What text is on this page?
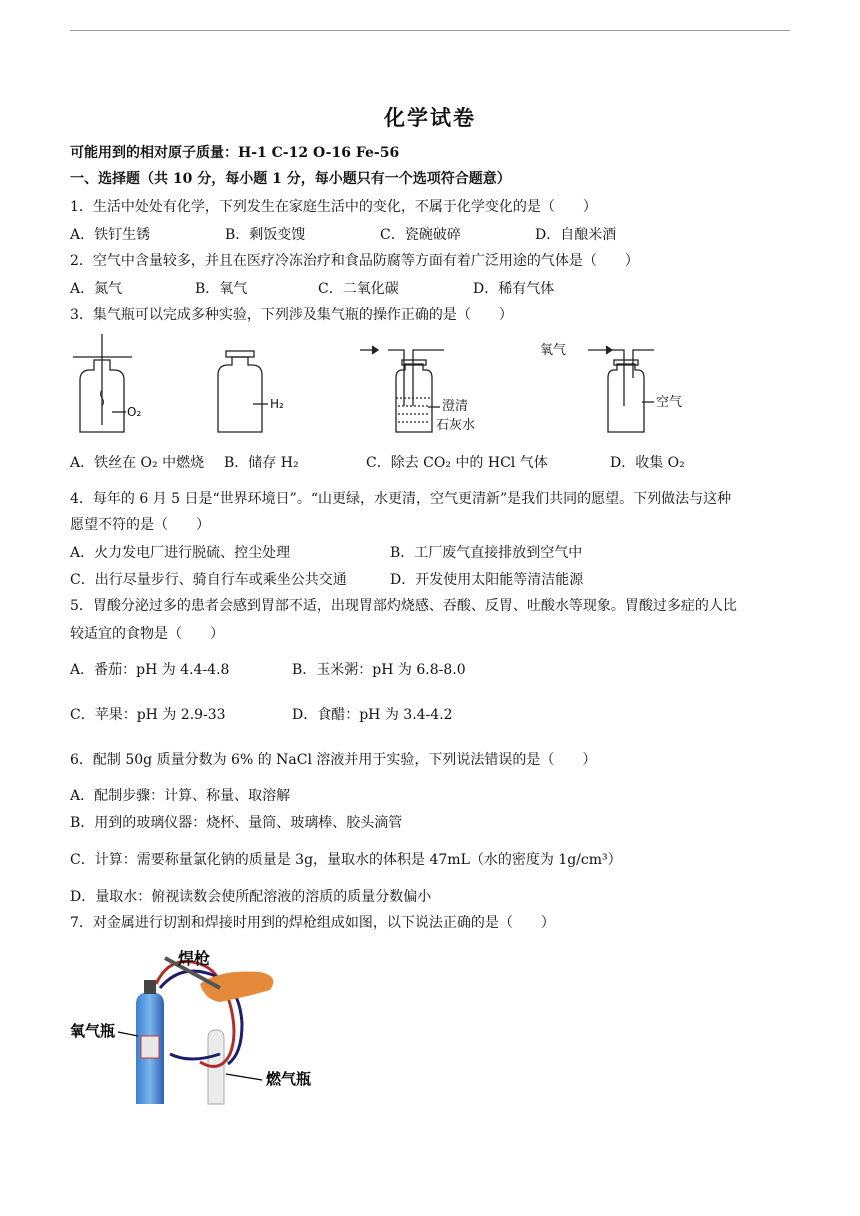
化学试卷
可能用到的相对原子质量：H-1 C-12 O-16 Fe-56
一、选择题（共 10 分，每小题 1 分，每小题只有一个选项符合题意）
1．生活中处处有化学，下列发生在家庭生活中的变化，不属于化学变化的是（　　）
A．铁钉生锈	B．剩饭变馊	C．瓷碗破碎	D．自酿米酒
2．空气中含量较多，并且在医疗冷冻治疗和食品防腐等方面有着广泛用途的气体是（　　）
A．氮气	B．氧气	C．二氧化碳	D．稀有气体
3．集气瓶可以完成多种实验，下列涉及集气瓶的操作正确的是（　　）
O₂
H₂	澄清
石灰水
氧气
空气
A．铁丝在 O₂ 中燃烧 B．储存 H₂	C．除去 CO₂ 中的 HCl 气体	D．收集 O₂
4．每年的 6 月 5 日是“世界环境日”。“山更绿，水更清，空气更清新”是我们共同的愿望。下列做法与这种
愿望不符的是（　　）
A．火力发电厂进行脱硫、控尘处理	B．工厂废气直接排放到空气中
C．出行尽量步行、骑自行车或乘坐公共交通	D．开发使用太阳能等清洁能源
5．胃酸分泌过多的患者会感到胃部不适，出现胃部灼烧感、吞酸、反胃、吐酸水等现象。胃酸过多症的人比
较适宜的食物是（　　）
A．番茄：pH 为 4.4-4.8	B．玉米粥：pH 为 6.8-8.0
C．苹果：pH 为 2.9-33	D．食醋：pH 为 3.4-4.2
6．配制 50g 质量分数为 6% 的 NaCl 溶液并用于实验，下列说法错误的是（　　）
A．配制步骤：计算、称量、取溶解
B．用到的玻璃仪器：烧杯、量筒、玻璃棒、胶头滴管
C．计算：需要称量氯化钠的质量是 3g，量取水的体积是 47mL（水的密度为 1g/cm³）
D．量取水：俯视读数会使所配溶液的溶质的质量分数偏小
7．对金属进行切割和焊接时用到的焊枪组成如图，以下说法正确的是（　　）
焊枪
氧气瓶
燃气瓶
